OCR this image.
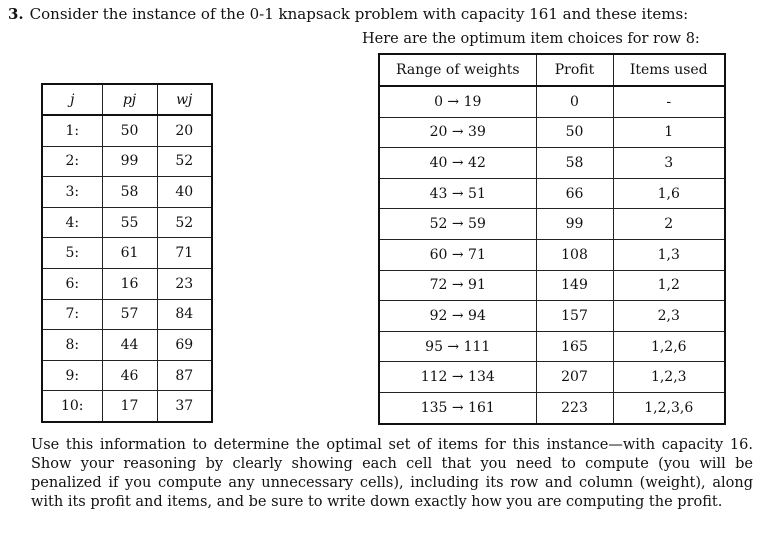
3. Consider the instance of the 0-1 knapsack problem with capacity 161 and these items:
Here are the optimum item choices for row 8:
j	pj	wj
1:	50	20
2:	99	52
3:	58	40
4:	55	52
5:	61	71
6:	16	23
7:	57	84
8:	44	69
9:	46	87
10:	17	37
Range of weights	Profit	Items used
0 → 19	0	-
20 → 39	50	1
40 → 42	58	3
43 → 51	66	1,6
52 → 59	99	2
60 → 71	108	1,3
72 → 91	149	1,2
92 → 94	157	2,3
95 → 111	165	1,2,6
112 → 134	207	1,2,3
135 → 161	223	1,2,3,6
Use this information to determine the optimal set of items for this instance—with capacity 16. Show your reasoning by clearly showing each cell that you need to compute (you will be penalized if you compute any unnecessary cells), including its row and column (weight), along with its profit and items, and be sure to write down exactly how you are computing the profit.
